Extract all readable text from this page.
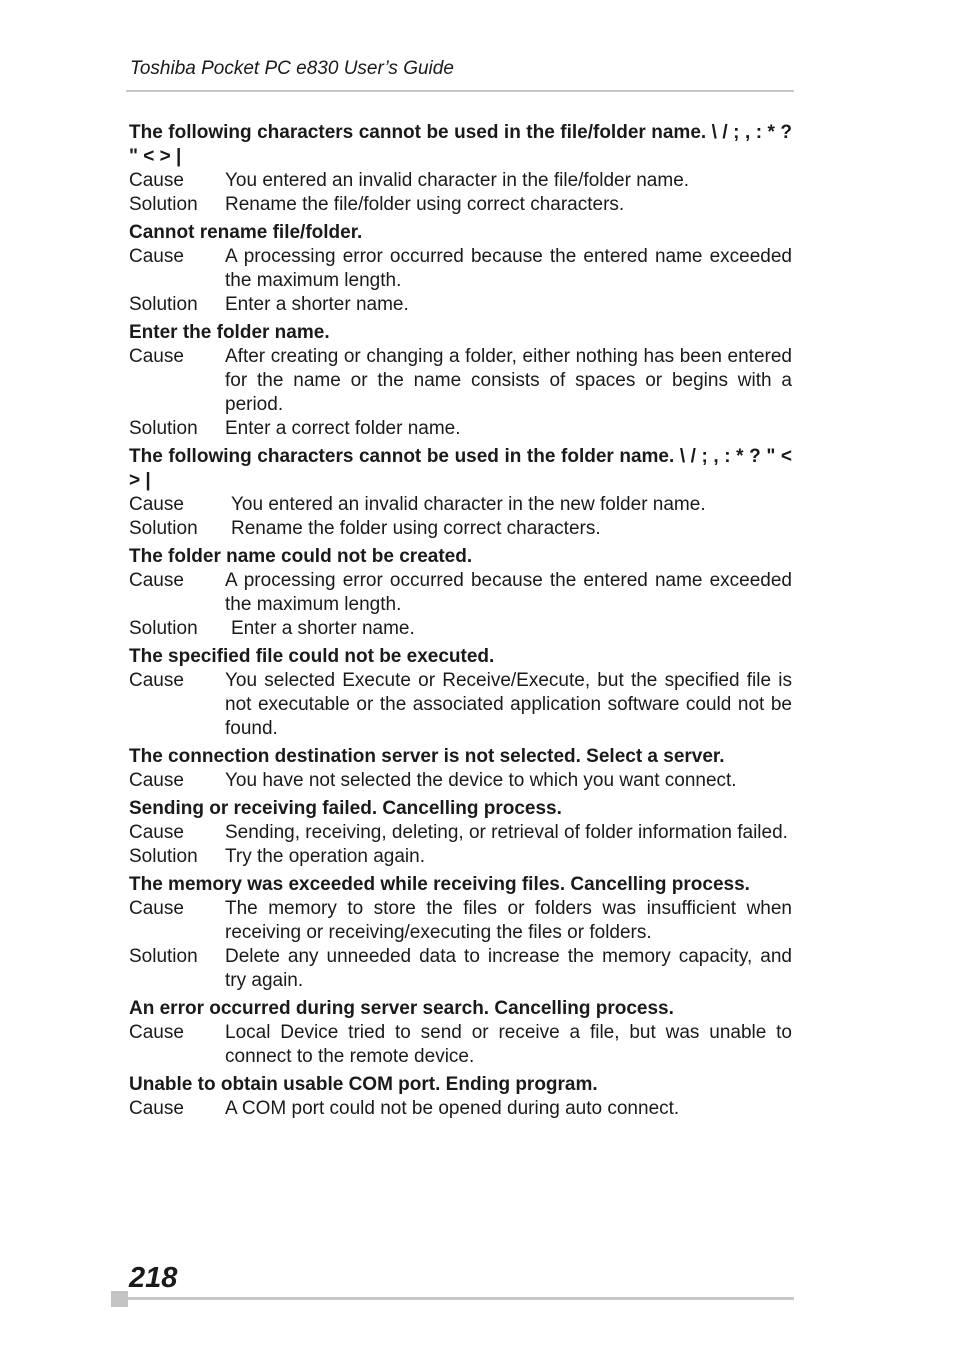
Toshiba Pocket PC e830 User’s Guide

The following characters cannot be used in the file/folder name. \ / ; , : * ? " < > |

Cause	You entered an invalid character in the file/folder name.
Solution	Rename the file/folder using correct characters.

Cannot rename file/folder.

Cause	A processing error occurred because the entered name exceeded the maximum length.
Solution	Enter a shorter name.

Enter the folder name.

Cause	After creating or changing a folder, either nothing has been entered for the name or the name consists of spaces or begins with a period.
Solution	Enter a correct folder name.

The following characters cannot be used in the folder name. \ / ; , : * ? " < > |

Cause	You entered an invalid character in the new folder name.
Solution	Rename the folder using correct characters.

The folder name could not be created.

Cause	A processing error occurred because the entered name exceeded the maximum length.
Solution	Enter a shorter name.

The specified file could not be executed.

Cause	You selected Execute or Receive/Execute, but the specified file is not executable or the associated application software could not be found.

The connection destination server is not selected. Select a server.

Cause	You have not selected the device to which you want connect.

Sending or receiving failed. Cancelling process.

Cause	Sending, receiving, deleting, or retrieval of folder information failed.
Solution	Try the operation again.

The memory was exceeded while receiving files. Cancelling process.

Cause	The memory to store the files or folders was insufficient when receiving or receiving/executing the files or folders.
Solution	Delete any unneeded data to increase the memory capacity, and try again.

An error occurred during server search. Cancelling process.

Cause	Local Device tried to send or receive a file, but was unable to connect to the remote device.

Unable to obtain usable COM port. Ending program.

Cause	A COM port could not be opened during auto connect.
218
